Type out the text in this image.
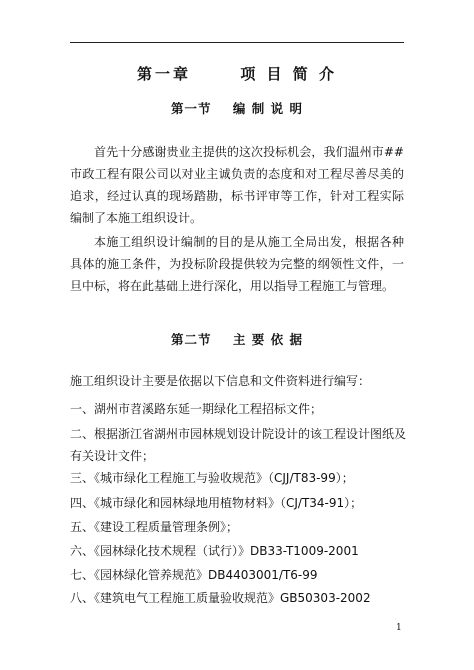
第一章      项 目 简 介
第一节    编 制 说 明
首先十分感谢贵业主提供的这次投标机会，我们温州市##市政工程有限公司以对业主诚负责的态度和对工程尽善尽美的追求，经过认真的现场踏勘，标书评审等工作，针对工程实际编制了本施工组织设计。
本施工组织设计编制的目的是从施工全局出发，根据各种具体的施工条件，为投标阶段提供较为完整的纲领性文件，一旦中标，将在此基础上进行深化，用以指导工程施工与管理。
第二节    主 要 依 据
施工组织设计主要是依据以下信息和文件资料进行编写：
一、湖州市苕溪路东延一期绿化工程招标文件；
二、根据浙江省湖州市园林规划设计院设计的该工程设计图纸及有关设计文件；
三、《城市绿化工程施工与验收规范》（CJJ/T83-99）；
四、《城市绿化和园林绿地用植物材料》（CJ/T34-91）；
五、《建设工程质量管理条例》；
六、《园林绿化技术规程（试行）》DB33-T1009-2001
七、《园林绿化管养规范》DB4403001/T6-99
八、《建筑电气工程施工质量验收规范》GB50303-2002
1
